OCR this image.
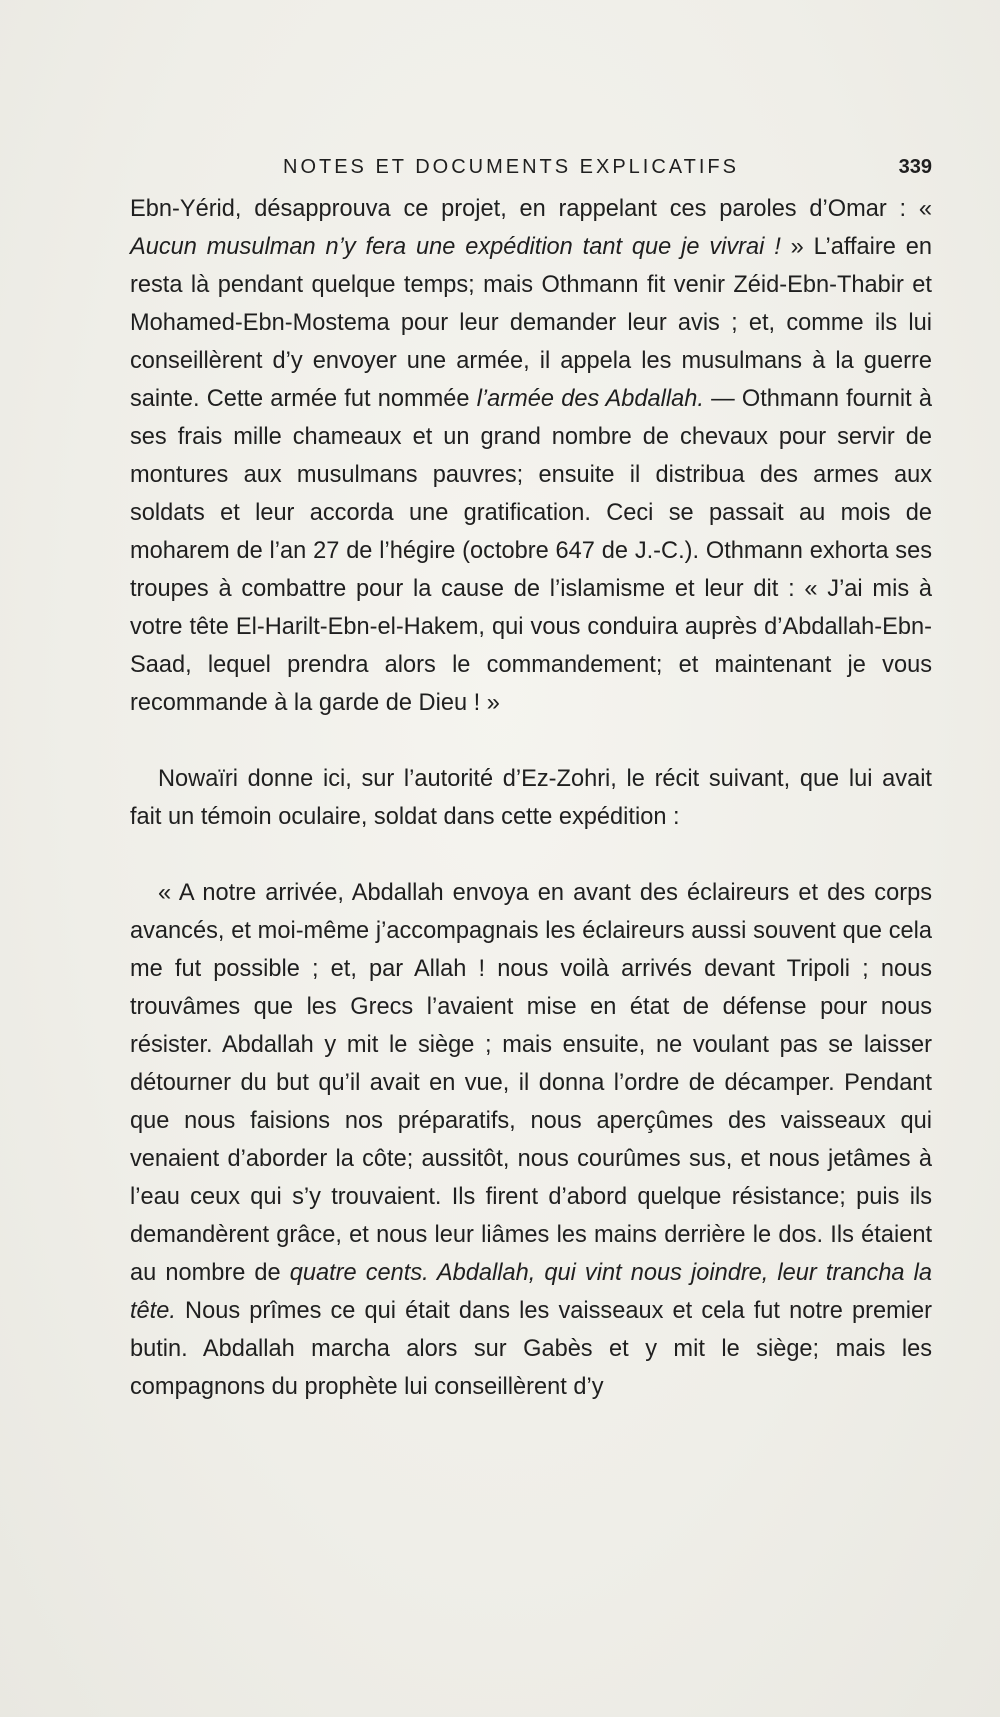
NOTES ET DOCUMENTS EXPLICATIFS	339

Ebn-Yérid, désapprouva ce projet, en rappelant ces paroles d’Omar : « Aucun musulman n’y fera une expédition tant que je vivrai ! » L’affaire en resta là pendant quelque temps; mais Othmann fit venir Zéid-Ebn-Thabir et Mohamed-Ebn-Mostema pour leur demander leur avis ; et, comme ils lui conseillèrent d’y envoyer une armée, il appela les musulmans à la guerre sainte. Cette armée fut nommée l’armée des Abdallah. — Othmann fournit à ses frais mille chameaux et un grand nombre de chevaux pour servir de montures aux musulmans pauvres; ensuite il distribua des armes aux soldats et leur accorda une gratification. Ceci se passait au mois de moharem de l’an 27 de l’hégire (octobre 647 de J.-C.). Othmann exhorta ses troupes à combattre pour la cause de l’islamisme et leur dit : « J’ai mis à votre tête El-Harilt-Ebn-el-Hakem, qui vous conduira auprès d’Abdallah-Ebn-Saad, lequel prendra alors le commandement; et maintenant je vous recommande à la garde de Dieu ! »

Nowaïri donne ici, sur l’autorité d’Ez-Zohri, le récit suivant, que lui avait fait un témoin oculaire, soldat dans cette expédition :

« A notre arrivée, Abdallah envoya en avant des éclaireurs et des corps avancés, et moi-même j’accompagnais les éclaireurs aussi souvent que cela me fut possible ; et, par Allah ! nous voilà arrivés devant Tripoli ; nous trouvâmes que les Grecs l’avaient mise en état de défense pour nous résister. Abdallah y mit le siège ; mais ensuite, ne voulant pas se laisser détourner du but qu’il avait en vue, il donna l’ordre de décamper. Pendant que nous faisions nos préparatifs, nous aperçûmes des vaisseaux qui venaient d’aborder la côte; aussitôt, nous courûmes sus, et nous jetâmes à l’eau ceux qui s’y trouvaient. Ils firent d’abord quelque résistance; puis ils demandèrent grâce, et nous leur liâmes les mains derrière le dos. Ils étaient au nombre de quatre cents. Abdallah, qui vint nous joindre, leur trancha la tête. Nous prîmes ce qui était dans les vaisseaux et cela fut notre premier butin. Abdallah marcha alors sur Gabès et y mit le siège; mais les compagnons du prophète lui conseillèrent d’y
